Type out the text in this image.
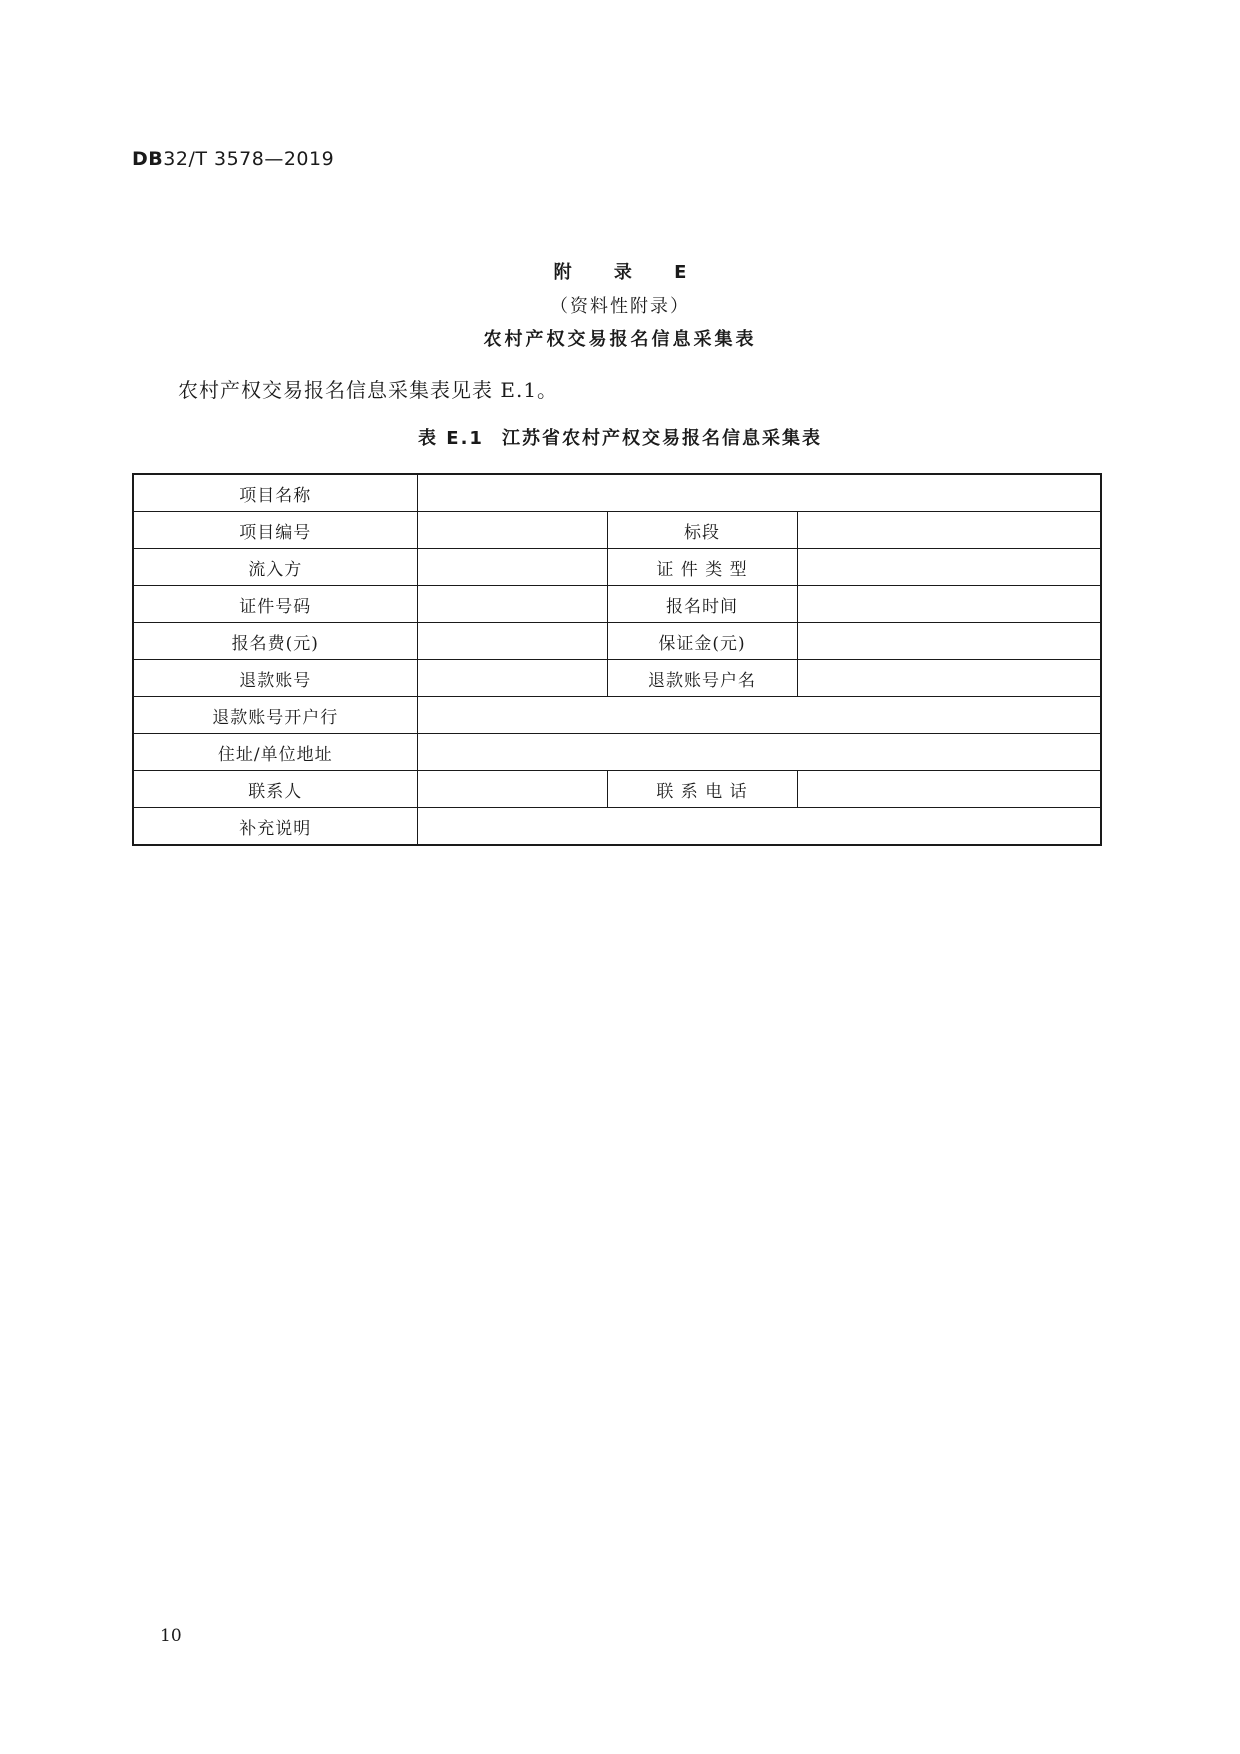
DB32/T 3578—2019
附 录 E
（资料性附录）
农村产权交易报名信息采集表
农村产权交易报名信息采集表见表 E.1。
表 E.1 江苏省农村产权交易报名信息采集表
项目名称			
项目编号		标段	
流入方		证 件 类 型	
证件号码		报名时间	
报名费(元)		保证金(元)	
退款账号		退款账号户名	
退款账号开户行			
住址/单位地址			
联系人		联 系 电 话	
补充说明			
10
